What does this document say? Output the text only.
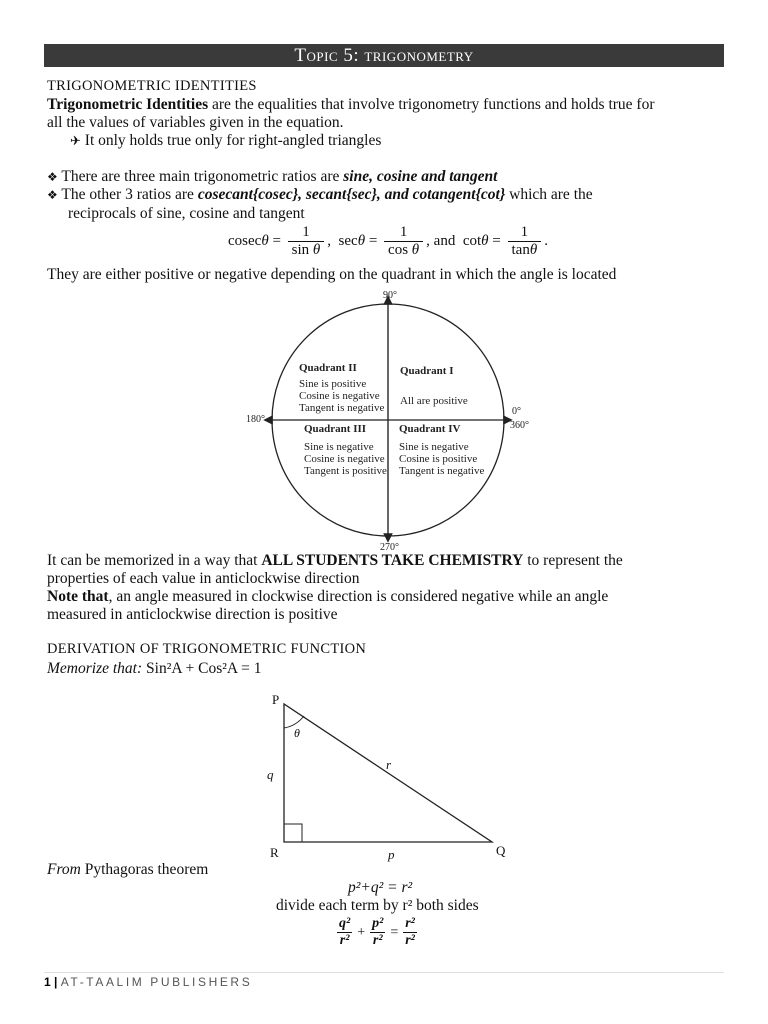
Topic 5: trigonometry
TRIGONOMETRIC IDENTITIES
Trigonometric Identities are the equalities that involve trigonometry functions and holds true for
all the values of variables given in the equation.
✈ It only holds true only for right-angled triangles
❖ There are three main trigonometric ratios are sine, cosine and tangent
❖ The other 3 ratios are cosecant{cosec}, secant{sec}, and cotangent{cot} which are the
reciprocals of sine, cosine and tangent
$cosec\theta = \frac{1}{\text{sin θ}}$ , $\sec\theta = \frac{1}{\text{cos θ}}$ , and $\cot\theta = \frac{1}{\tan\theta}$ .
They are either positive or negative depending on the quadrant in which the angle is located
90°
180°
0°
360°
270°
Quadrant II
Sine is positive
Cosine is negative
Tangent is negative
Quadrant I
All are positive
Quadrant III
Sine is negative
Cosine is negative
Tangent is positive
Quadrant IV
Sine is negative
Cosine is positive
Tangent is negative
It can be memorized in a way that ALL STUDENTS TAKE CHEMISTRY to represent the
properties of each value in anticlockwise direction
Note that, an angle measured in clockwise direction is considered negative while an angle
measured in anticlockwise direction is positive
DERIVATION OF TRIGONOMETRIC FUNCTION
Memorize that: Sin²A + Cos²A = 1
P
Q
R
θ
q
r
p
From Pythagoras theorem
p²+q² = r²
divide each term by r² both sides
$\frac{\text{q²}}{\text{r²}} + \frac{\text{p²}}{\text{r²}} = \frac{\text{r²}}{\text{r²}}$
1 | AT-TAALIM PUBLISHERS
